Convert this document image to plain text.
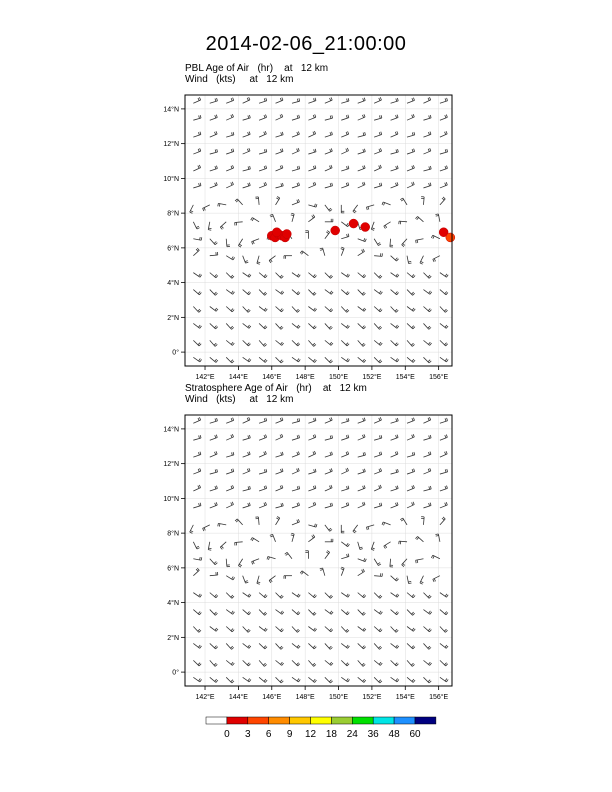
2014-02-06_21:00:00
PBL Age of Air (hr) at 12 km
Wind (kts) at 12 km
Stratosphere Age of Air (hr) at 12 km
Wind (kts) at 12 km
142°E 144°E 146°E 148°E 150°E 152°E 154°E 156°E
0°
2°N
4°N
6°N
8°N
10°N
12°N
14°N
142°E 144°E 146°E 148°E 150°E 152°E 154°E 156°E
0°
2°N
4°N
6°N
8°N
10°N
12°N
14°N
0 3 6 9 12 18 24 36 48 60
